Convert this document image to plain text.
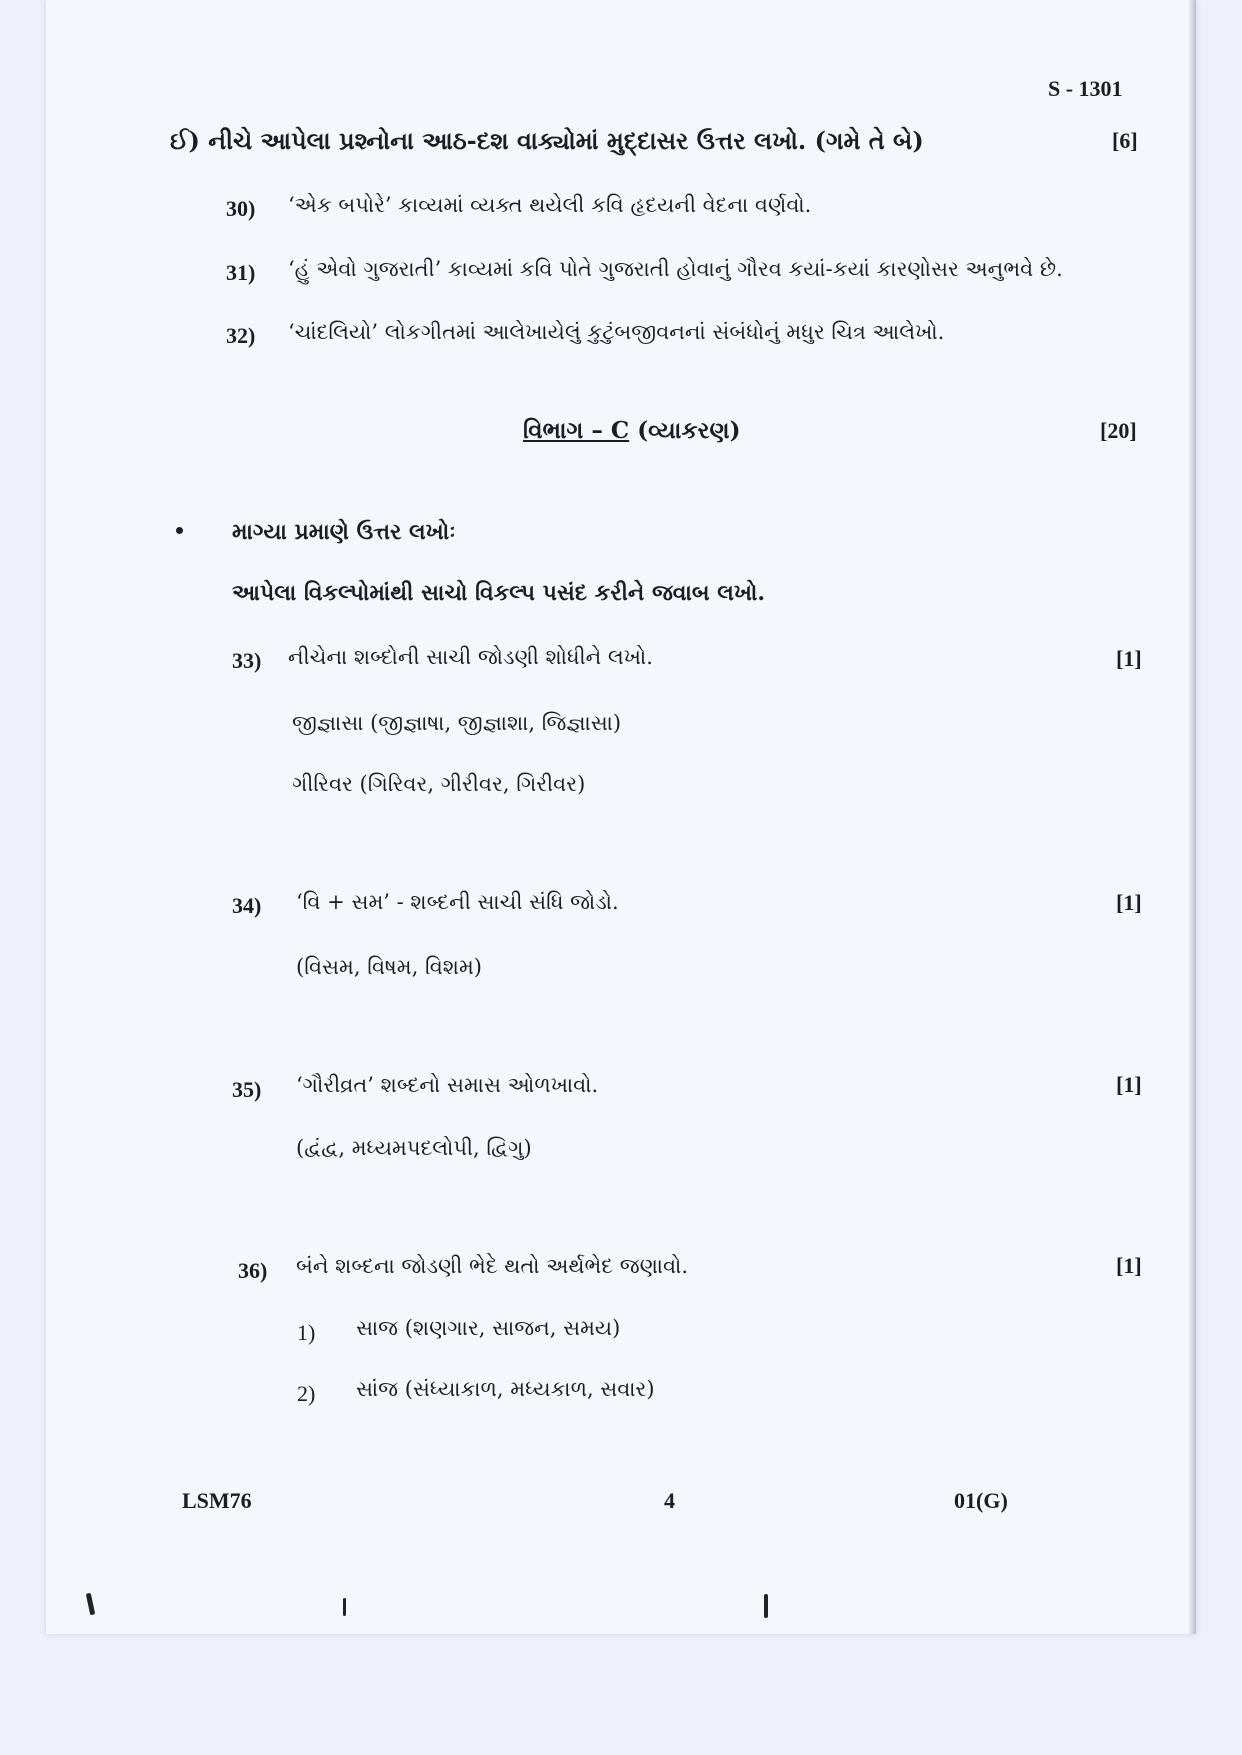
S - 1301
ઈ) નીચે આપેલા પ્રશ્નોના આઠ-દશ વાક્યોમાં મુદ્દાસર ઉત્તર લખો. (ગમે તે બે)	[6]
30) ‘એક બપોરે’ કાવ્યમાં વ્યક્ત થયેલી કવિ હૃદયની વેદના વર્ણવો.
31) ‘હું એવો ગુજરાતી’ કાવ્યમાં કવિ પોતે ગુજરાતી હોવાનું ગૌરવ કયાં-કયાં કારણોસર અનુભવે છે.
32) ‘ચાંદલિયો’ લોકગીતમાં આલેખાયેલું કુટુંબજીવનનાં સંબંધોનું મધુર ચિત્ર આલેખો.
વિભાગ – C (વ્યાકરણ)	[20]
માગ્યા પ્રમાણે ઉત્તર લખોઃ
આપેલા વિકલ્પોમાંથી સાચો વિકલ્પ પસંદ કરીને જવાબ લખો.
33) નીચેના શબ્દોની સાચી જોડણી શોધીને લખો.	[1]
જીજ્ઞાસા (જીજ્ઞાષા, જીજ્ઞાશા, જિજ્ઞાસા)
ગીરિવર (ગિરિવર, ગીરીવર, ગિરીવર)
34) ‘વિ + સમ’ - શબ્દની સાચી સંધિ જોડો.	[1]
(વિસમ, વિષમ, વિશમ)
35) ‘ગૌરીવ્રત’ શબ્દનો સમાસ ઓળખાવો.	[1]
(દ્વંદ્વ, મધ્યમપદલોપી, દ્વિગુ)
36) બંને શબ્દના જોડણી ભેદે થતો અર્થભેદ જણાવો.	[1]
1) સાજ (શણગાર, સાજન, સમય)
2) સાંજ (સંધ્યાકાળ, મધ્યકાળ, સવાર)
LSM76	4	01(G)
